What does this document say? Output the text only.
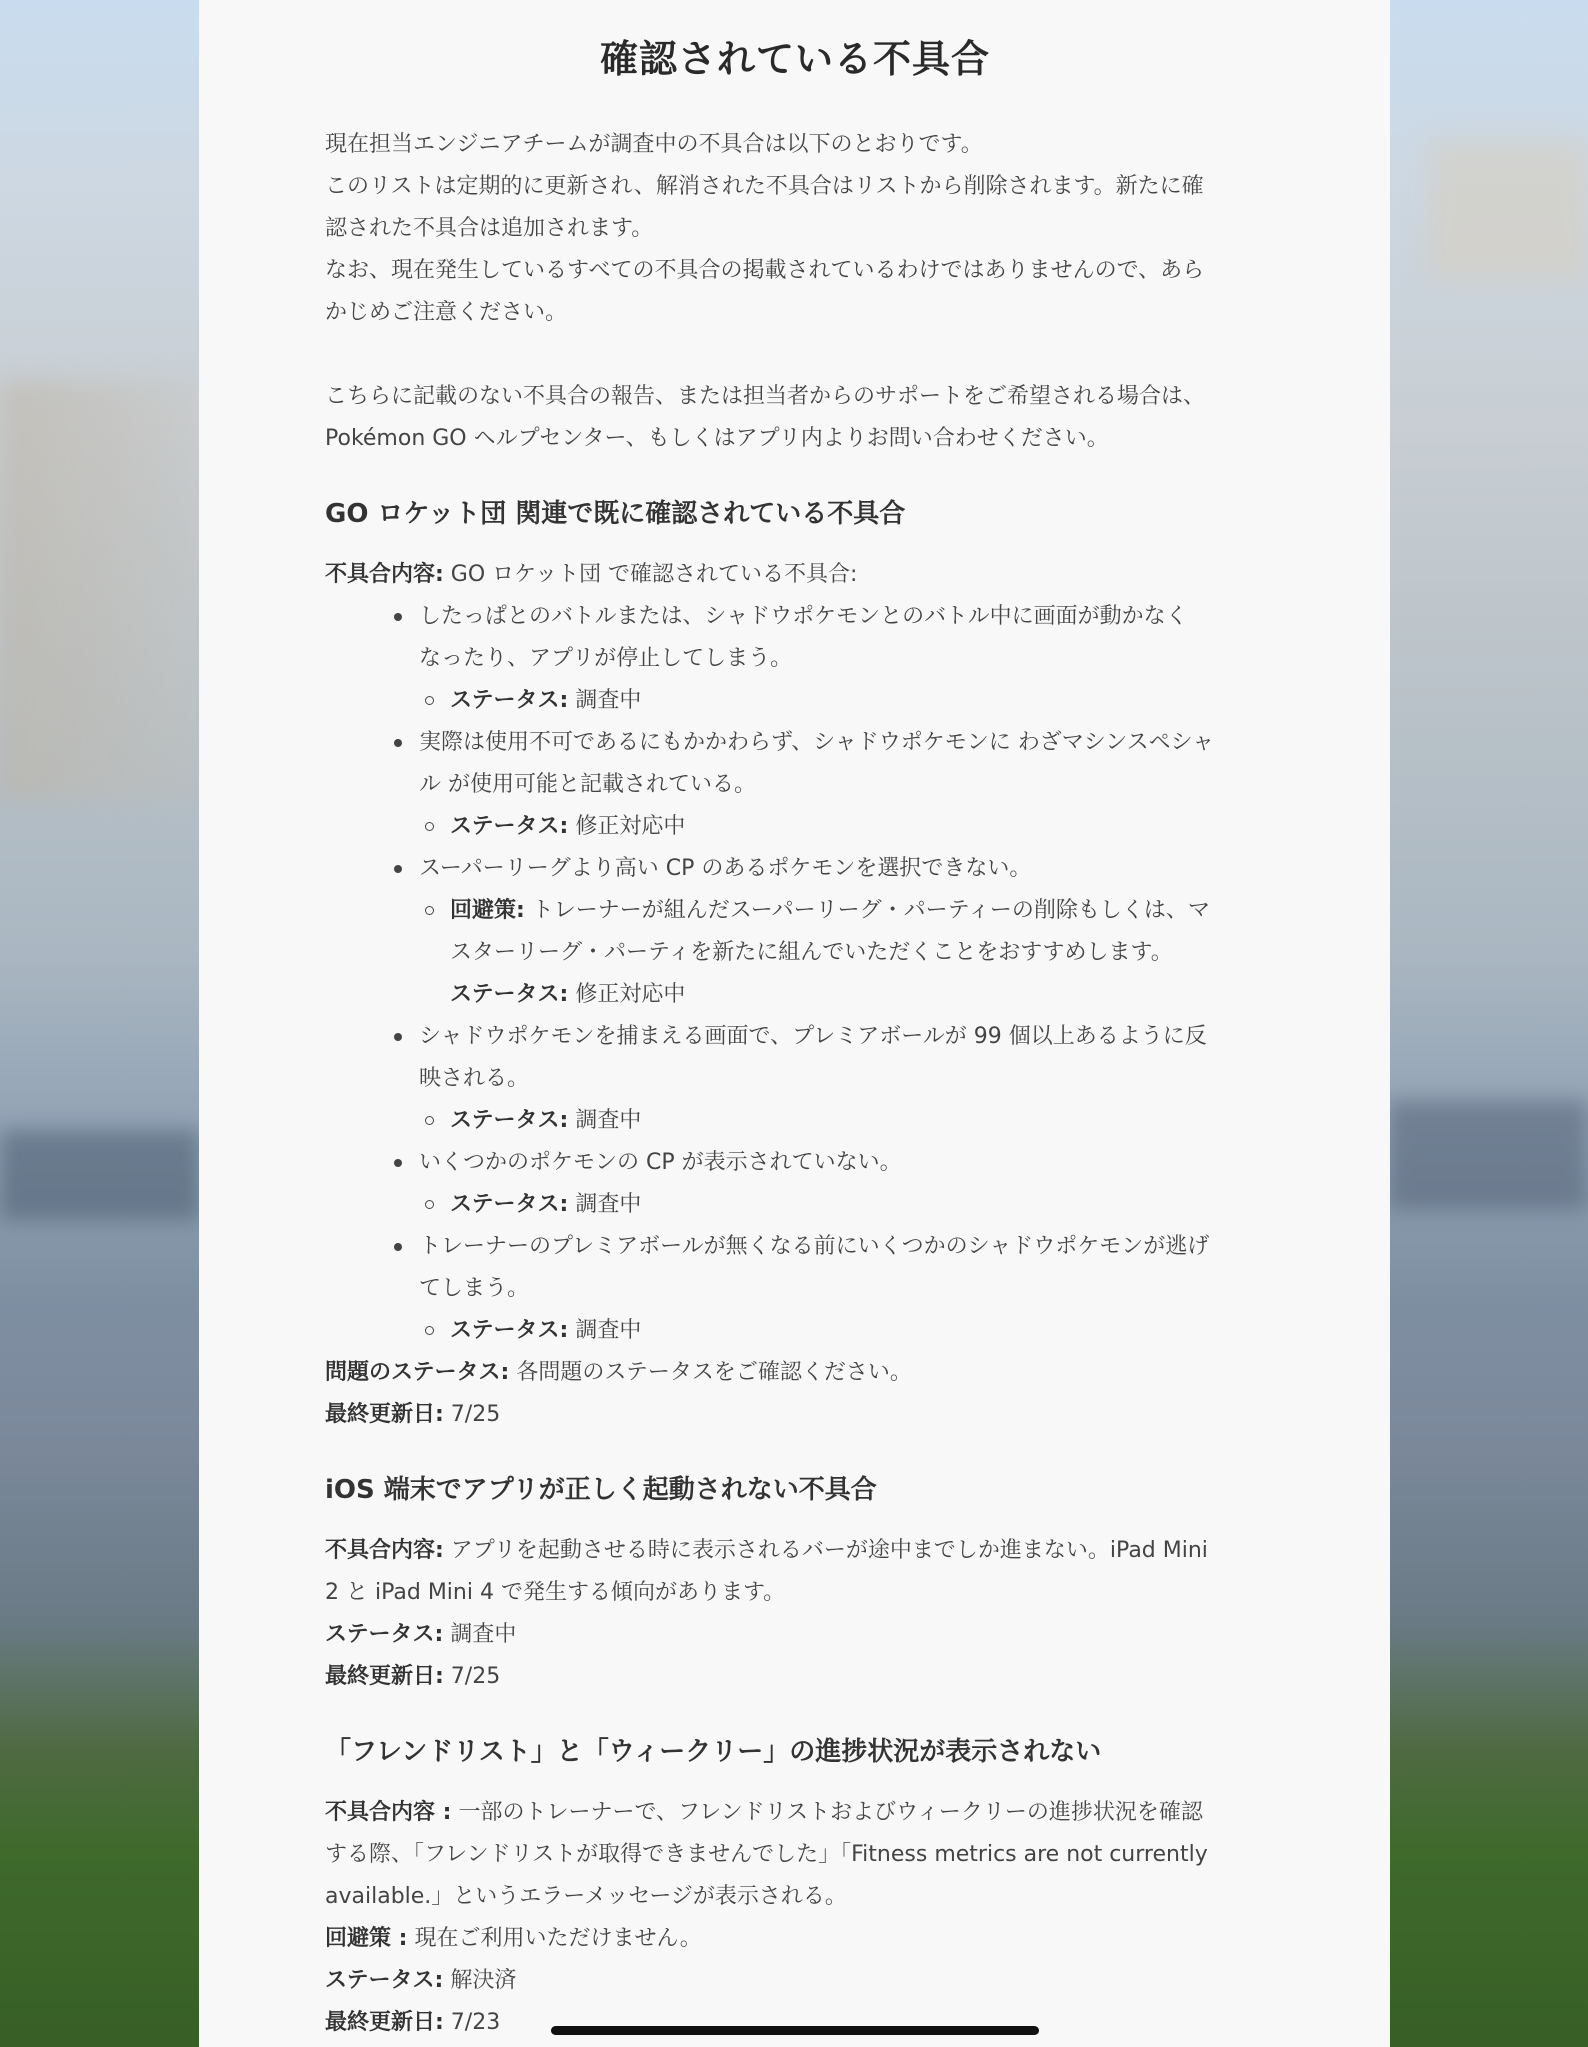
確認されている不具合

現在担当エンジニアチームが調査中の不具合は以下のとおりです。

このリストは定期的に更新され、解消された不具合はリストから削除されます。新たに確

認された不具合は追加されます。

なお、現在発生しているすべての不具合の掲載されているわけではありませんので、あら

かじめご注意ください。

こちらに記載のない不具合の報告、または担当者からのサポートをご希望される場合は、

Pokémon GO ヘルプセンター、もしくはアプリ内よりお問い合わせください。

GO ロケット団 関連で既に確認されている不具合

不具合内容: GO ロケット団 で確認されている不具合:

したっぱとのバトルまたは、シャドウポケモンとのバトル中に画面が動かなく
なったり、アプリが停止してしまう。
ステータス: 調査中
実際は使用不可であるにもかかわらず、シャドウポケモンに わざマシンスペシャ
ル が使用可能と記載されている。
ステータス: 修正対応中
スーパーリーグより高い CP のあるポケモンを選択できない。
回避策: トレーナーが組んだスーパーリーグ・パーティーの削除もしくは、マ
スターリーグ・パーティを新たに組んでいただくことをおすすめします。
ステータス: 修正対応中
シャドウポケモンを捕まえる画面で、プレミアボールが 99 個以上あるように反
映される。
ステータス: 調査中
いくつかのポケモンの CP が表示されていない。
ステータス: 調査中
トレーナーのプレミアボールが無くなる前にいくつかのシャドウポケモンが逃げ
てしまう。
ステータス: 調査中

問題のステータス: 各問題のステータスをご確認ください。

最終更新日: 7/25

iOS 端末でアプリが正しく起動されない不具合

不具合内容: アプリを起動させる時に表示されるバーが途中までしか進まない。iPad Mini

2 と iPad Mini 4 で発生する傾向があります。

ステータス: 調査中

最終更新日: 7/25

「フレンドリスト」と「ウィークリー」の進捗状況が表示されない

不具合内容 : 一部のトレーナーで、フレンドリストおよびウィークリーの進捗状況を確認

する際、「フレンドリストが取得できませんでした」「Fitness metrics are not currently

available.」というエラーメッセージが表示される。

回避策 : 現在ご利用いただけません。

ステータス: 解決済

最終更新日: 7/23
